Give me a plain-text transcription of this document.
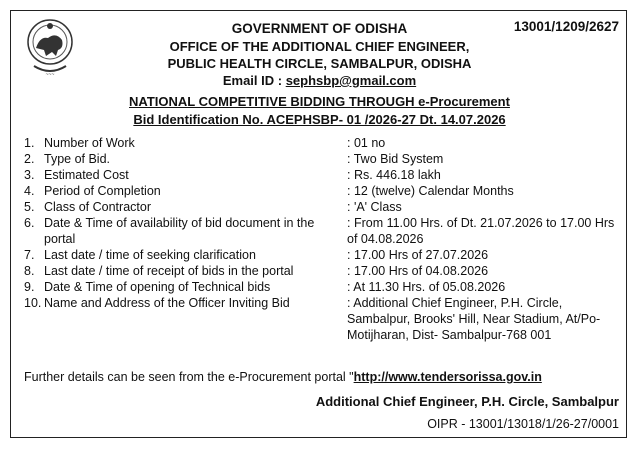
~~~
13001/1209/2627
GOVERNMENT OF ODISHA
OFFICE OF THE ADDITIONAL CHIEF ENGINEER,
PUBLIC HEALTH CIRCLE, SAMBALPUR, ODISHA
Email ID : sephsbp@gmail.com
NATIONAL COMPETITIVE BIDDING THROUGH e-Procurement
Bid Identification No. ACEPHSBP- 01 /2026-27 Dt. 14.07.2026
1. Number of Work	: 01 no
2. Type of Bid.	: Two Bid System
3. Estimated Cost	: Rs. 446.18 lakh
4. Period of Completion	: 12 (twelve) Calendar Months
5. Class of Contractor	: 'A' Class
6. Date & Time of availability of bid document in the portal
: From 11.00 Hrs. of Dt. 21.07.2026 to 17.00 Hrs of 04.08.2026
7. Last date / time of seeking clarification	: 17.00 Hrs of 27.07.2026
8. Last date / time of receipt of bids in the portal	: 17.00 Hrs of 04.08.2026
9. Date & Time of opening of Technical bids	: At 11.30 Hrs. of 05.08.2026
10. Name and Address of the Officer Inviting Bid	: Additional Chief Engineer, P.H. Circle, Sambalpur, Brooks' Hill, Near Stadium, At/Po- Motijharan, Dist- Sambalpur-768 001
Further details can be seen from the e-Procurement portal "http://www.tendersorissa.gov.in
Additional Chief Engineer, P.H. Circle, Sambalpur
OIPR - 13001/13018/1/26-27/0001
